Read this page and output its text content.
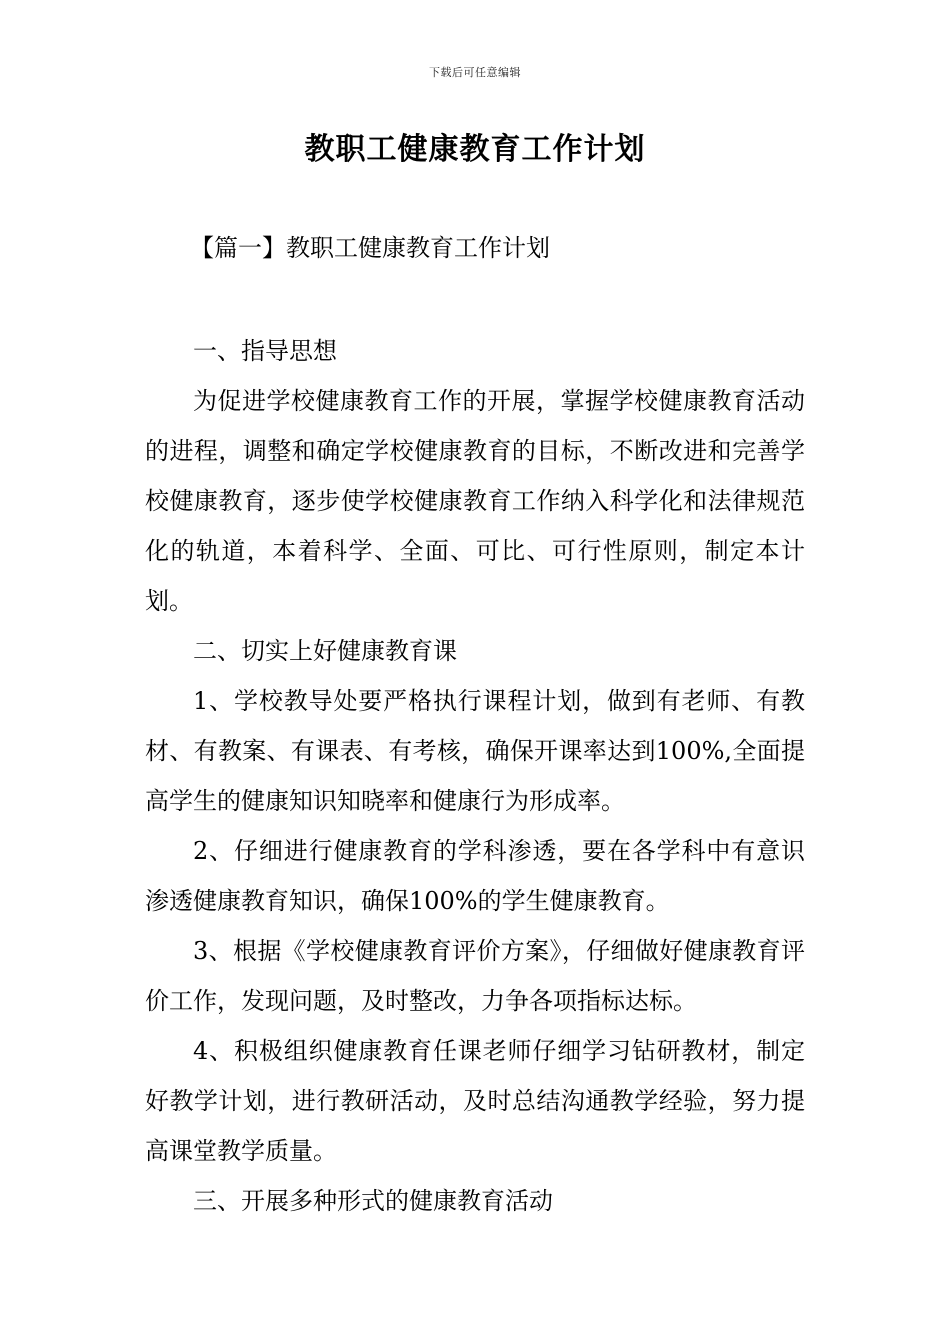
下载后可任意编辑
教职工健康教育工作计划
【篇一】教职工健康教育工作计划

一、指导思想

为促进学校健康教育工作的开展，掌握学校健康教育活动的进程，调整和确定学校健康教育的目标，不断改进和完善学校健康教育，逐步使学校健康教育工作纳入科学化和法律规范化的轨道，本着科学、全面、可比、可行性原则，制定本计划。

二、切实上好健康教育课

1、学校教导处要严格执行课程计划，做到有老师、有教材、有教案、有课表、有考核，确保开课率达到100%,全面提高学生的健康知识知晓率和健康行为形成率。

2、仔细进行健康教育的学科渗透，要在各学科中有意识渗透健康教育知识，确保100%的学生健康教育。

3、根据《学校健康教育评价方案》，仔细做好健康教育评价工作，发现问题，及时整改，力争各项指标达标。

4、积极组织健康教育任课老师仔细学习钻研教材，制定好教学计划，进行教研活动，及时总结沟通教学经验，努力提高课堂教学质量。

三、开展多种形式的健康教育活动
